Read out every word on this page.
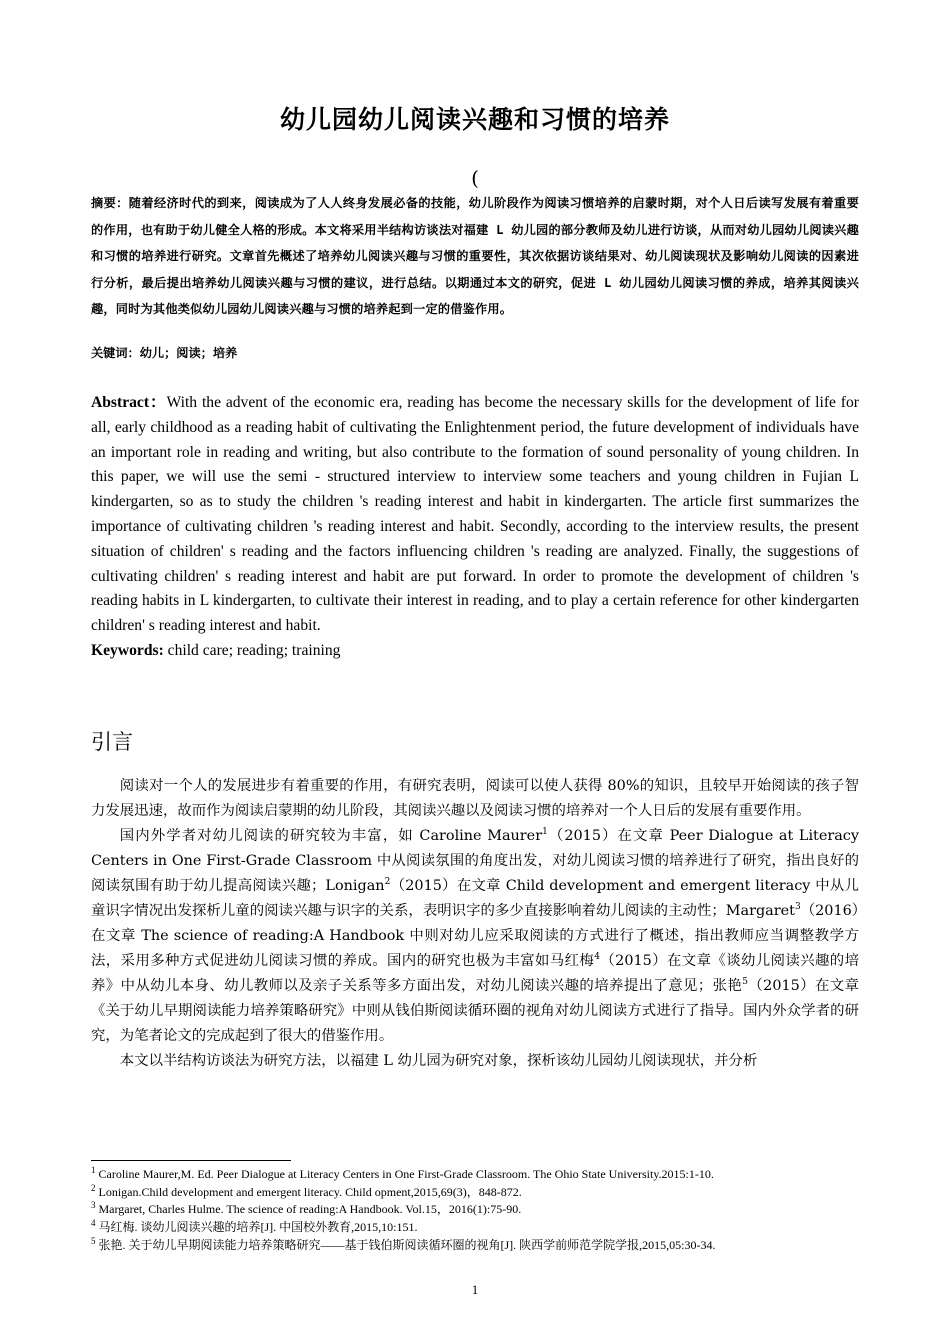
幼儿园幼儿阅读兴趣和习惯的培养
(
摘要：随着经济时代的到来，阅读成为了人人终身发展必备的技能，幼儿阶段作为阅读习惯培养的启蒙时期，对个人日后读写发展有着重要的作用，也有助于幼儿健全人格的形成。本文将采用半结构访谈法对福建 L 幼儿园的部分教师及幼儿进行访谈，从而对幼儿园幼儿阅读兴趣和习惯的培养进行研究。文章首先概述了培养幼儿阅读兴趣与习惯的重要性，其次依据访谈结果对、幼儿阅读现状及影响幼儿阅读的因素进行分析，最后提出培养幼儿阅读兴趣与习惯的建议，进行总结。以期通过本文的研究，促进 L 幼儿园幼儿阅读习惯的养成，培养其阅读兴趣，同时为其他类似幼儿园幼儿阅读兴趣与习惯的培养起到一定的借鉴作用。
关键词：幼儿；阅读；培养
Abstract：With the advent of the economic era, reading has become the necessary skills for the development of life for all, early childhood as a reading habit of cultivating the Enlightenment period, the future development of individuals have an important role in reading and writing, but also contribute to the formation of sound personality of young children. In this paper, we will use the semi - structured interview to interview some teachers and young children in Fujian L kindergarten, so as to study the children 's reading interest and habit in kindergarten. The article first summarizes the importance of cultivating children 's reading interest and habit. Secondly, according to the interview results, the present situation of children' s reading and the factors influencing children 's reading are analyzed. Finally, the suggestions of cultivating children' s reading interest and habit are put forward. In order to promote the development of children 's reading habits in L kindergarten, to cultivate their interest in reading, and to play a certain reference for other kindergarten children' s reading interest and habit.
Keywords: child care; reading; training
引言

阅读对一个人的发展进步有着重要的作用，有研究表明，阅读可以使人获得 80%的知识，且较早开始阅读的孩子智力发展迅速，故而作为阅读启蒙期的幼儿阶段，其阅读兴趣以及阅读习惯的培养对一个人日后的发展有重要作用。

国内外学者对幼儿阅读的研究较为丰富，如 Caroline Maurer$^1$（2015）在文章 Peer Dialogue at Literacy Centers in One First-Grade Classroom 中从阅读氛围的角度出发，对幼儿阅读习惯的培养进行了研究，指出良好的阅读氛围有助于幼儿提高阅读兴趣；Lonigan$^2$（2015）在文章 Child development and emergent literacy 中从儿童识字情况出发探析儿童的阅读兴趣与识字的关系，表明识字的多少直接影响着幼儿阅读的主动性；Margaret$^3$（2016）在文章 The science of reading:A Handbook 中则对幼儿应采取阅读的方式进行了概述，指出教师应当调整教学方法，采用多种方式促进幼儿阅读习惯的养成。国内的研究也极为丰富如马红梅$^4$（2015）在文章《谈幼儿阅读兴趣的培养》中从幼儿本身、幼儿教师以及亲子关系等多方面出发，对幼儿阅读兴趣的培养提出了意见；张艳$^5$（2015）在文章《关于幼儿早期阅读能力培养策略研究》中则从钱伯斯阅读循环圈的视角对幼儿阅读方式进行了指导。国内外众学者的研究，为笔者论文的完成起到了很大的借鉴作用。

本文以半结构访谈法为研究方法，以福建 L 幼儿园为研究对象，探析该幼儿园幼儿阅读现状，并分析

$^1$ Caroline Maurer,M. Ed. Peer Dialogue at Literacy Centers in One First-Grade Classroom. The Ohio State University.2015:1-10.
$^2$ Lonigan.Child development and emergent literacy. Child opment,2015,69(3)，848-872.
$^3$ Margaret, Charles Hulme. The science of reading:A Handbook. Vol.15，2016(1):75-90.
$^4$ 马红梅. 谈幼儿阅读兴趣的培养[J]. 中国校外教育,2015,10:151.
$^5$ 张艳. 关于幼儿早期阅读能力培养策略研究——基于钱伯斯阅读循环圈的视角[J]. 陕西学前师范学院学报,2015,05:30-34.
1
